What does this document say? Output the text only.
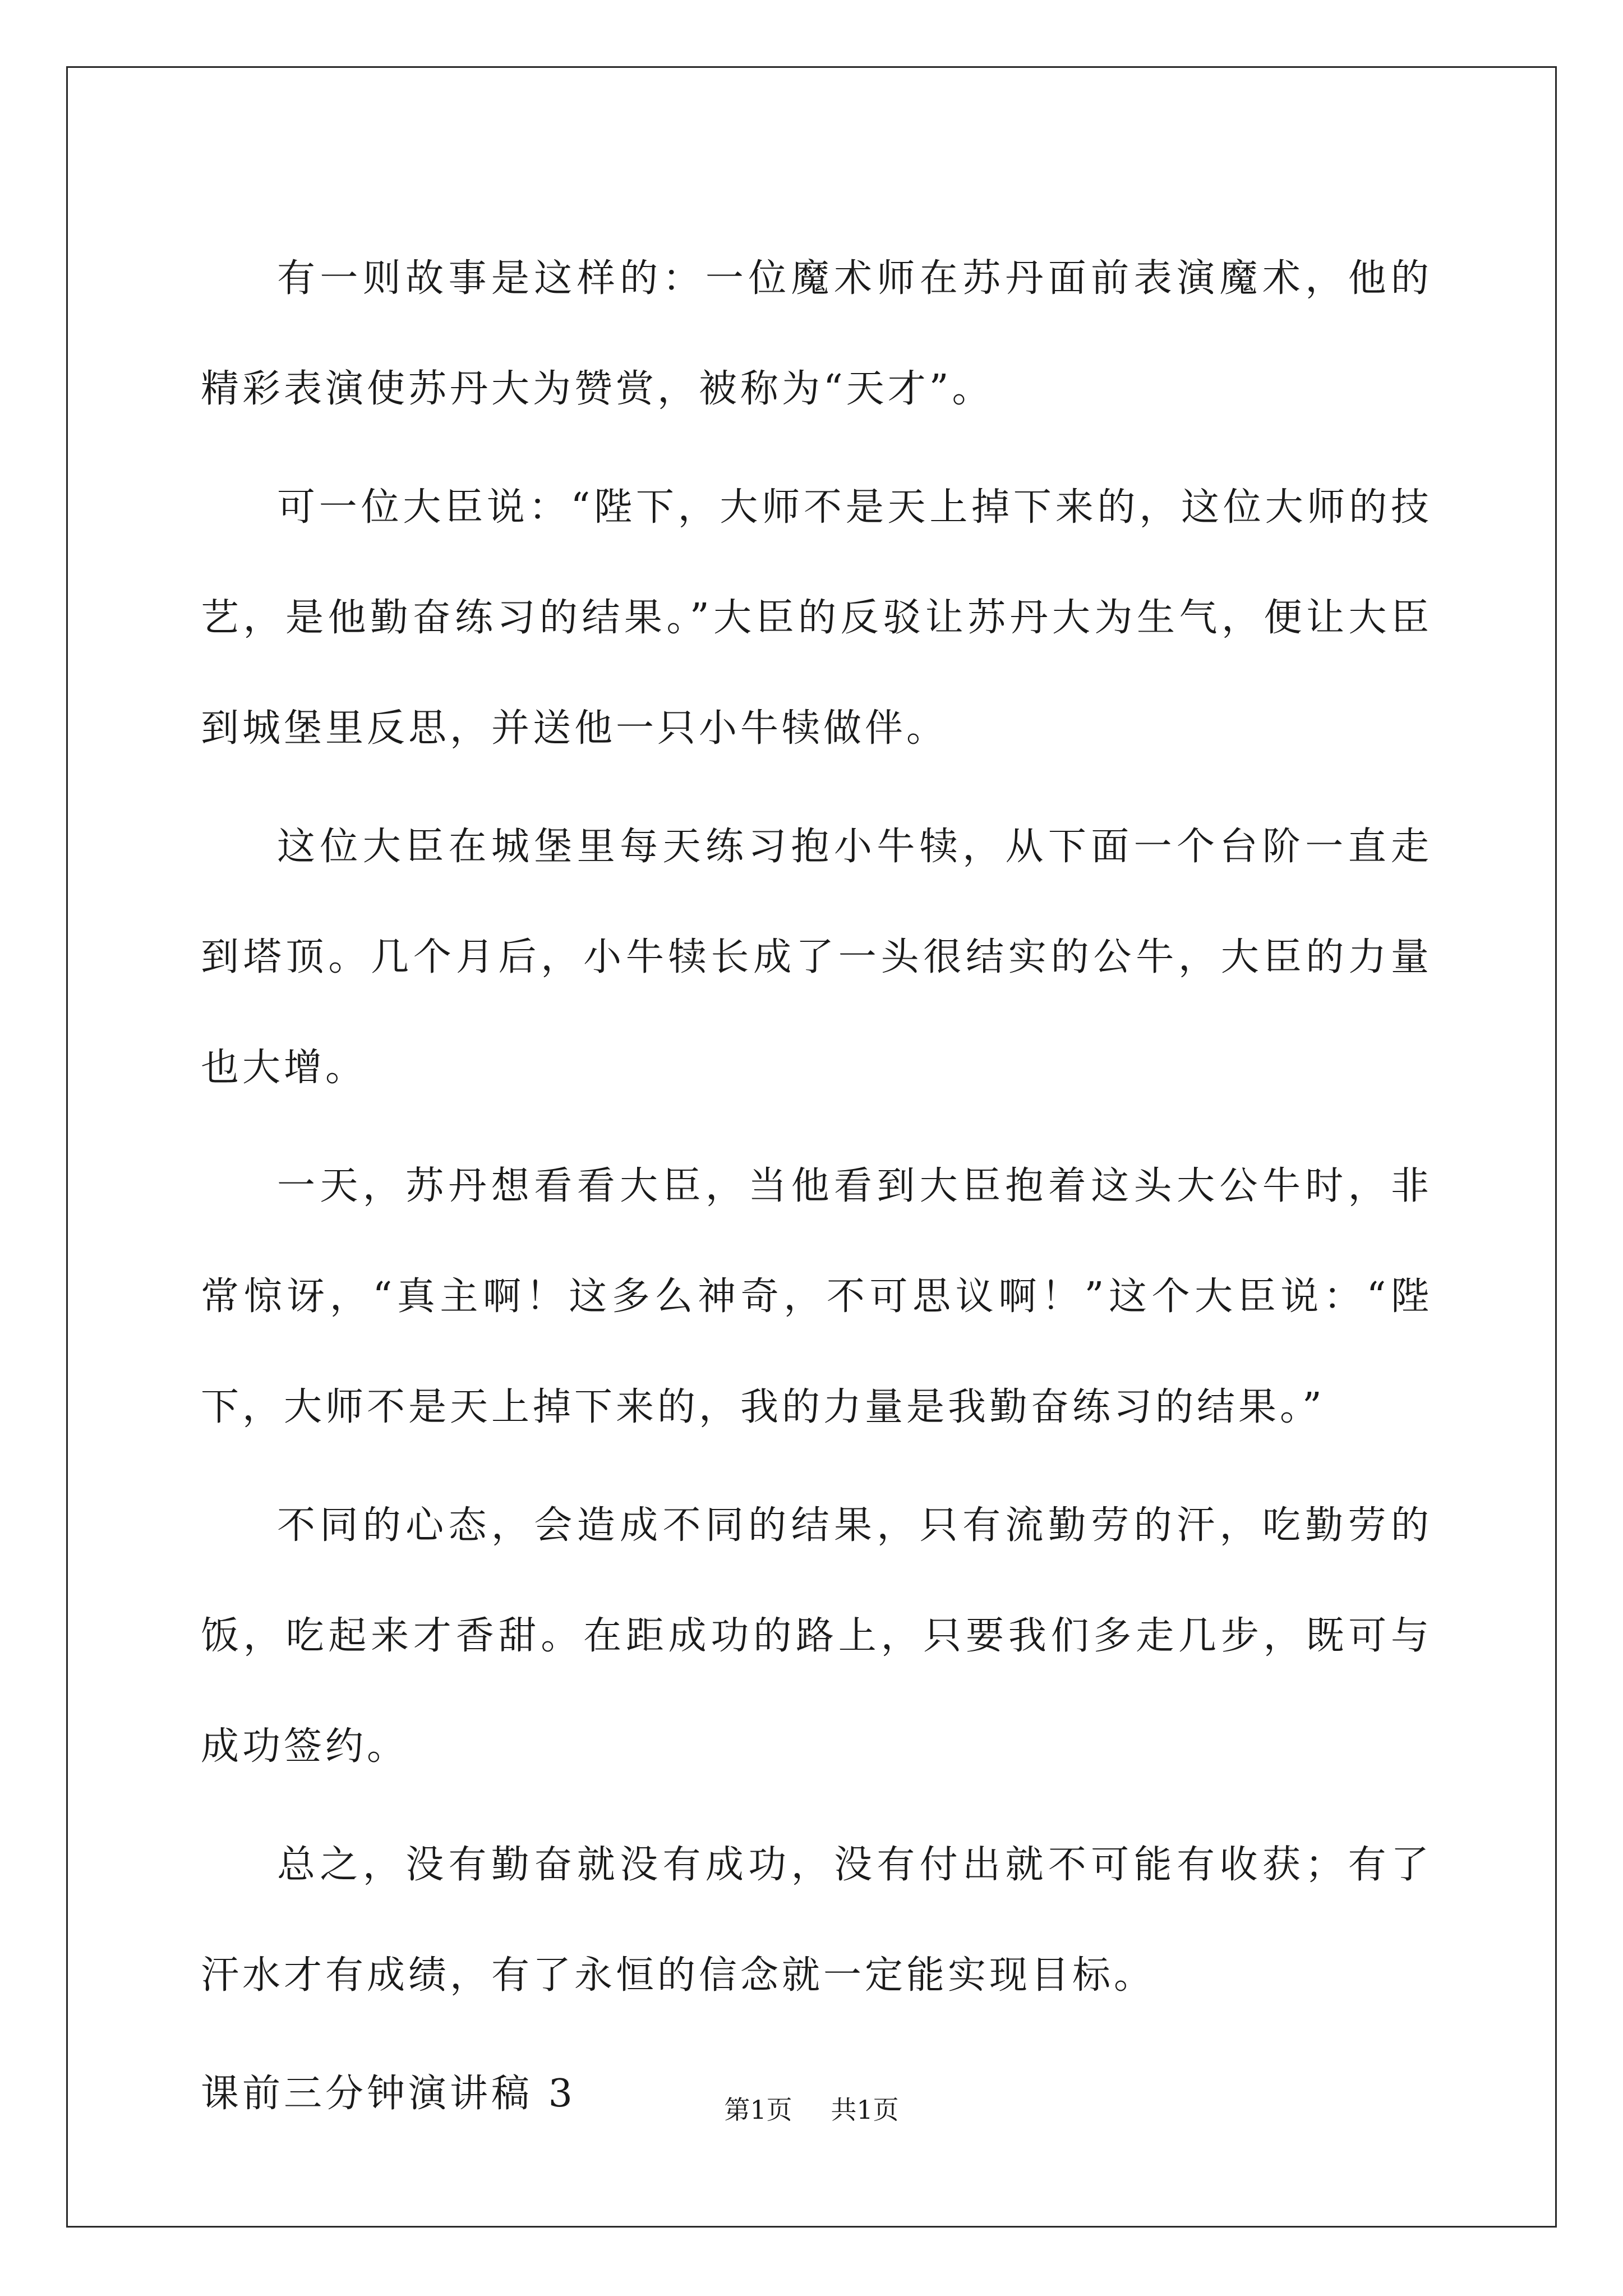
有一则故事是这样的：一位魔术师在苏丹面前表演魔术，他的精彩表演使苏丹大为赞赏，被称为“天才”。

可一位大臣说：“陛下，大师不是天上掉下来的，这位大师的技艺，是他勤奋练习的结果。”大臣的反驳让苏丹大为生气，便让大臣到城堡里反思，并送他一只小牛犊做伴。

这位大臣在城堡里每天练习抱小牛犊，从下面一个台阶一直走到塔顶。几个月后，小牛犊长成了一头很结实的公牛，大臣的力量也大增。

一天，苏丹想看看大臣，当他看到大臣抱着这头大公牛时，非常惊讶，“真主啊！这多么神奇，不可思议啊！”这个大臣说：“陛下，大师不是天上掉下来的，我的力量是我勤奋练习的结果。”

不同的心态，会造成不同的结果，只有流勤劳的汗，吃勤劳的饭，吃起来才香甜。在距成功的路上，只要我们多走几步，既可与成功签约。

总之，没有勤奋就没有成功，没有付出就不可能有收获；有了汗水才有成绩，有了永恒的信念就一定能实现目标。

课前三分钟演讲稿 3	第1页 共1页
